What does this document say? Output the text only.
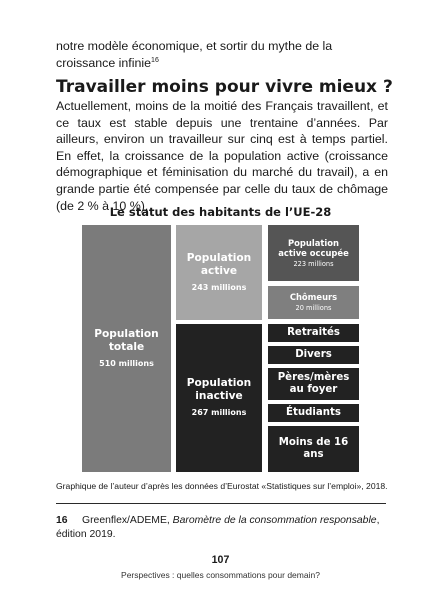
notre modèle économique, et sortir du mythe de la croissance infinie$^{16}$

Travailler moins pour vivre mieux ?

Actuellement, moins de la moitié des Français travaillent, et ce taux est stable depuis une trentaine d’années. Par ailleurs, environ un travailleur sur cinq est à temps partiel. En effet, la croissance de la population active (croissance démographique et féminisation du marché du travail), a en grande partie été compensée par celle du taux de chômage (de 2 % à 10 %).

Le statut des habitants de l’UE-28
Population
totale
510 millions
Population
active
243 millions
Population
inactive
267 millions
Population
active occupée
223 millions
Chômeurs
20 millions
Retraités
Divers
Pères/mères
au foyer
Étudiants
Moins de 16 ans

Graphique de l’auteur d’après les données d’Eurostat «Statistiques sur l’emploi», 2018.

16 Greenflex/ADEME, Baromètre de la consommation responsable, édition 2019.

107
Perspectives : quelles consommations pour demain?
